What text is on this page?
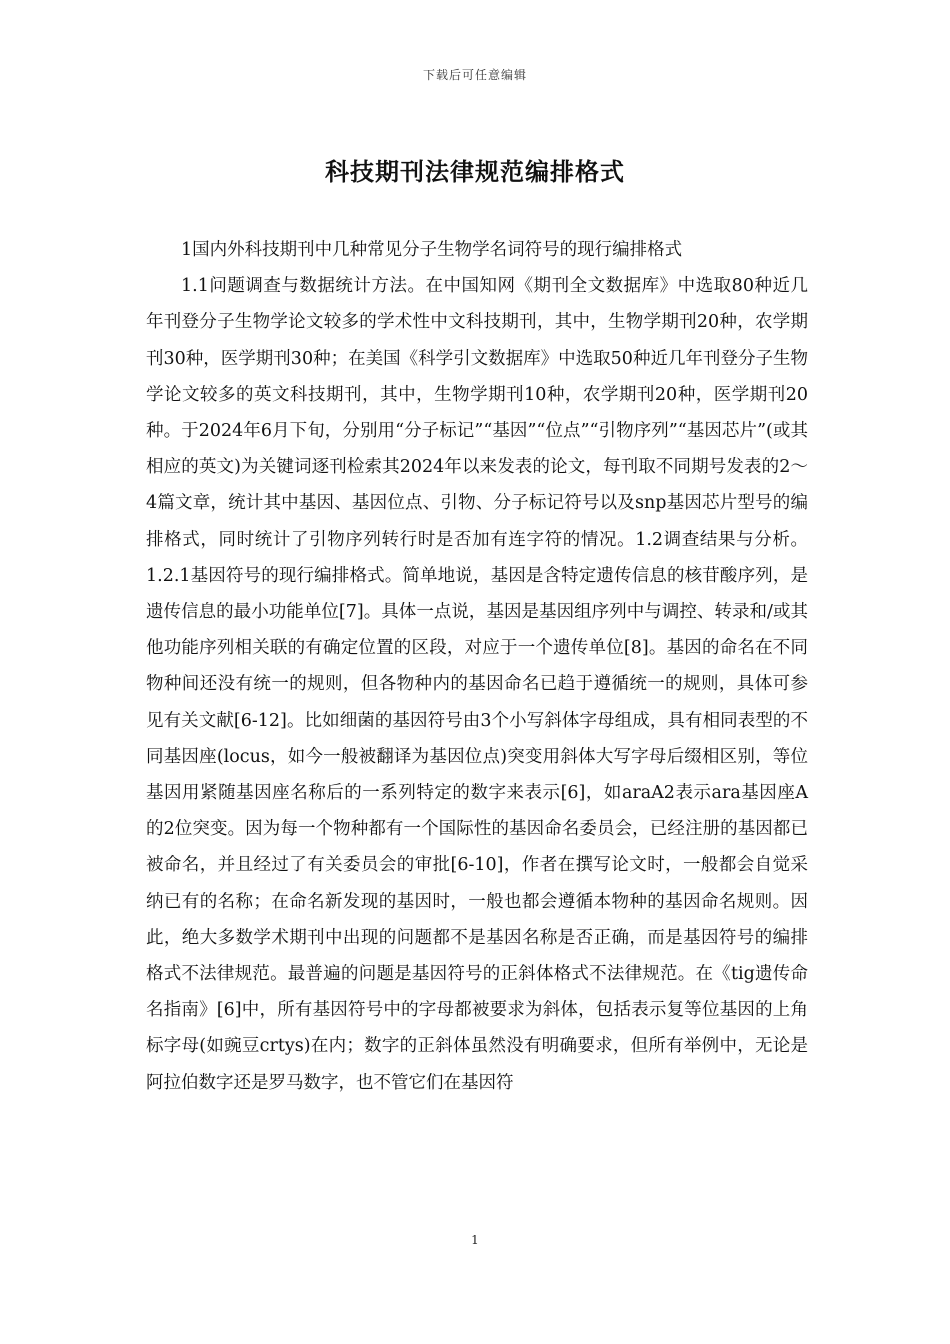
下载后可任意编辑
科技期刊法律规范编排格式

1国内外科技期刊中几种常见分子生物学名词符号的现行编排格式

1.1问题调查与数据统计方法。在中国知网《期刊全文数据库》中选取80种近几年刊登分子生物学论文较多的学术性中文科技期刊，其中，生物学期刊20种，农学期刊30种，医学期刊30种；在美国《科学引文数据库》中选取50种近几年刊登分子生物学论文较多的英文科技期刊，其中，生物学期刊10种，农学期刊20种，医学期刊20种。于2024年6月下旬，分别用“分子标记”“基因”“位点”“引物序列”“基因芯片”(或其相应的英文)为关键词逐刊检索其2024年以来发表的论文，每刊取不同期号发表的2～4篇文章，统计其中基因、基因位点、引物、分子标记符号以及snp基因芯片型号的编排格式，同时统计了引物序列转行时是否加有连字符的情况。1.2调查结果与分析。1.2.1基因符号的现行编排格式。简单地说，基因是含特定遗传信息的核苷酸序列，是遗传信息的最小功能单位[7]。具体一点说，基因是基因组序列中与调控、转录和/或其他功能序列相关联的有确定位置的区段，对应于一个遗传单位[8]。基因的命名在不同物种间还没有统一的规则，但各物种内的基因命名已趋于遵循统一的规则，具体可参见有关文献[6-12]。比如细菌的基因符号由3个小写斜体字母组成，具有相同表型的不同基因座(locus，如今一般被翻译为基因位点)突变用斜体大写字母后缀相区别，等位基因用紧随基因座名称后的一系列特定的数字来表示[6]，如araA2表示ara基因座A的2位突变。因为每一个物种都有一个国际性的基因命名委员会，已经注册的基因都已被命名，并且经过了有关委员会的审批[6-10]，作者在撰写论文时，一般都会自觉采纳已有的名称；在命名新发现的基因时，一般也都会遵循本物种的基因命名规则。因此，绝大多数学术期刊中出现的问题都不是基因名称是否正确，而是基因符号的编排格式不法律规范。最普遍的问题是基因符号的正斜体格式不法律规范。在《tig遗传命名指南》[6]中，所有基因符号中的字母都被要求为斜体，包括表示复等位基因的上角标字母(如豌豆crtys)在内；数字的正斜体虽然没有明确要求，但所有举例中，无论是阿拉伯数字还是罗马数字，也不管它们在基因符

1
